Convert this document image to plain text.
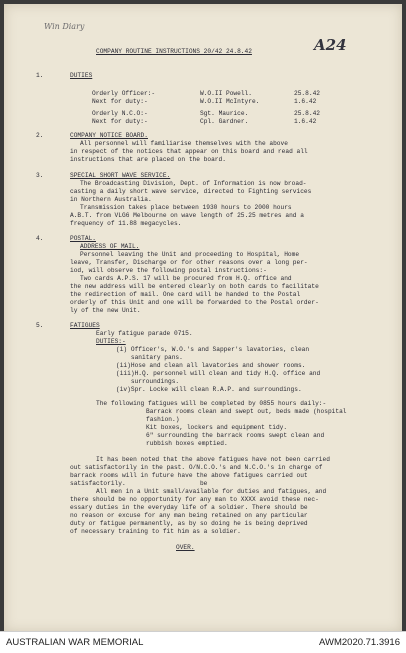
Win Diary
A24
COMPANY ROUTINE INSTRUCTIONS 20/42 24.8.42
1.	DUTIES
Orderly Officer:-	W.O.II Powell.	25.8.42
Next for duty:-	W.O.II McIntyre.	1.6.42
Orderly N.C.O:-	Sgt. Maurice.	25.8.42
Next for duty:-	Cpl. Gardner.	1.6.42
2.	COMPANY NOTICE BOARD.
All personnel will familiarise themselves with the above
in respect of the notices that appear on this board and read all
instructions that are placed on the board.
3.	SPECIAL SHORT WAVE SERVICE.
The Broadcasting Division, Dept. of Information is now broad-
casting a daily short wave service, directed to Fighting services
in Northern Australia.
Transmission takes place between 1930 hours to 2000 hours
A.B.T. from VLG6 Melbourne on wave length of 25.25 metres and a
frequency of 11.88 megacycles.
4.	POSTAL.
ADDRESS OF MAIL.
Personnel leaving the Unit and proceeding to Hospital, Home
leave, Transfer, Discharge or for other reasons over a long per-
iod, will observe the following postal instructions:-
Two cards A.P.S. 17 will be procured from H.Q. office and
the new address will be entered clearly on both cards to facilitate
the redirection of mail. One card will be handed to the Postal
orderly of this Unit and one will be forwarded to the Postal order-
ly of the new Unit.
5.	FATIGUES
Early fatigue parade 0715.
DUTIES:-
(i) Officer's, W.O.'s and Sapper's lavatories, clean
sanitary pans.
(ii)Hose and clean all lavatories and shower rooms.
(iii)H.Q. personnel will clean and tidy H.Q. office and
surroundings.
(iv)Spr. Locke will clean R.A.P. and surroundings.
The following fatigues will be completed by 0855 hours daily:-
Barrack rooms clean and swept out, beds made (hospital
fashion.)
Kit boxes, lockers and equipment tidy.
6" surrounding the barrack rooms swept clean and
rubbish boxes emptied.
It has been noted that the above fatigues have not been carried
out satisfactorily in the past. O/N.C.O.'s and N.C.O.'s in charge of
barrack rooms will in future have the above fatigues carried out
satisfactorily.                    be
All men in a Unit small/available for duties and fatigues, and
there should be no opportunity for any man to XXXX avoid these nec-
essary duties in the everyday life of a soldier. There should be
no reason or excuse for any man being retained on any particular
duty or fatigue permanently, as by so doing he is being deprived
of necessary training to fit him as a soldier.
OVER.
AUSTRALIAN WAR MEMORIAL	AWM2020.71.3916
